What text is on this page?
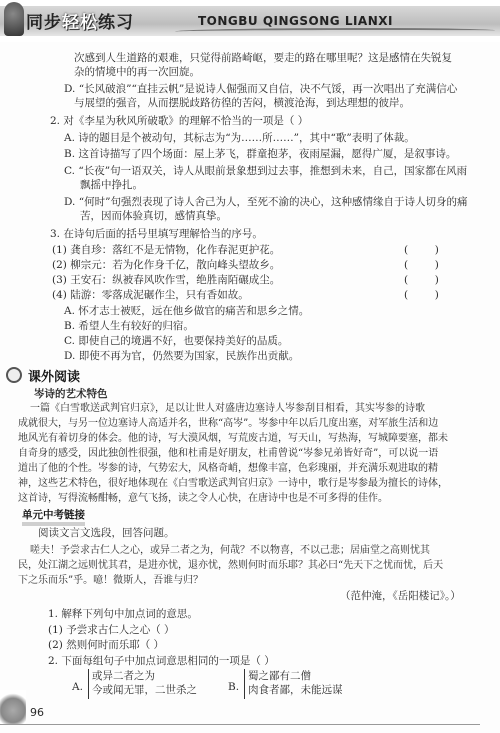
同步轻松练习	TONGBU QINGSONG LIANXI
次感到人生道路的艰难，只觉得前路崎岖，要走的路在哪里呢？这是感情在失锐复
杂的情境中的再一次回旋。
D. “长风破浪”“直挂云帆”是说诗人倔强而又自信，决不气馁，再一次唱出了充满信心
与展望的强音，从而摆脱歧路彷徨的苦闷，横渡沧海，到达理想的彼岸。
2. 对《李星为秋风所破歌》的理解不恰当的一项是（ ）
A. 诗的题目是个被动句，其标志为“为……所……”，其中“歌”表明了体裁。
B. 这首诗描写了四个场面：屋上茅飞，群童抱茅，夜雨屋漏，愿得广厦，是叙事诗。
C. “长夜”句一语双关，诗人从眼前景象想到过去事，推想到未来，自己，国家都在风雨
飘摇中挣扎。
D. “何时”句强烈表现了诗人舍己为人，至死不渝的决心，这种感情缘自于诗人切身的痛
苦，因而体验真切，感情真挚。
3. 在诗句后面的括号里填写理解恰当的序号。
(1) 龚自珍：落红不是无情物，化作春泥更护花。	(        )
(2) 柳宗元：若为化作身千亿，散向峰头望故乡。	(        )
(3) 王安石：纵被春风吹作雪，绝胜南陌碾成尘。	(        )
(4) 陆游：零落成泥碾作尘，只有香如故。	(        )
A. 怀才志士被贬，远在他乡做官的痛苦和思乡之情。
B. 希望人生有较好的归宿。
C. 即使自己的境遇不好，也要保持美好的品质。
D. 即使不再为官，仍然要为国家，民族作出贡献。
课外阅读
岑诗的艺术特色
一篇《白雪歌送武判官归京》，足以让世人对盛唐边塞诗人岑参刮目相看，其实岑参的诗歌
成就很大，与另一位边塞诗人高适并名，世称“高岑”。岑参中年以后几度出塞，对军旅生活和边
地风光有着切身的体会。他的诗，写大漠风烟，写荒废古道，写天山，写热海，写城障要塞，都未
自奇身的感受，因此独创性很强，他和杜甫是好朋友，杜甫曾说“岑参兄弟皆好奇”，可以说一语
道出了他的个性。岑参的诗，气势宏大，风格奇峭，想像丰富，色彩瑰丽，并充满乐观进取的精
神，这些艺术特色，很好地体现在《白雪歌送武判官归京》一诗中，歌行是岑参最为擅长的诗体，
这首诗，写得流畅酣畅，意气飞扬，读之令人心快，在唐诗中也是不可多得的佳作。
单元中考链接
阅读文言文选段，回答问题。
嗟夫！予尝求古仁人之心，或异二者之为，何哉？不以物喜，不以己悲；居庙堂之高则忧其
民，处江湖之远则忧其君，是进亦忧，退亦忧，然则何时而乐耶？其必曰“先天下之忧而忧，后天
下之乐而乐”乎。噫！微斯人，吾谁与归？
（范仲淹，《岳阳楼记》。）
1. 解释下列句中加点词的意思。
(1) 予尝求古仁人之心（ ）
(2) 然则何时而乐耶（ ）
2. 下面每组句子中加点词意思相同的一项是（ ）
A.
或异二者之为
今或闻无罪，二世杀之	B.
蜀之鄙有二僧
肉食者鄙，未能远谋
96
